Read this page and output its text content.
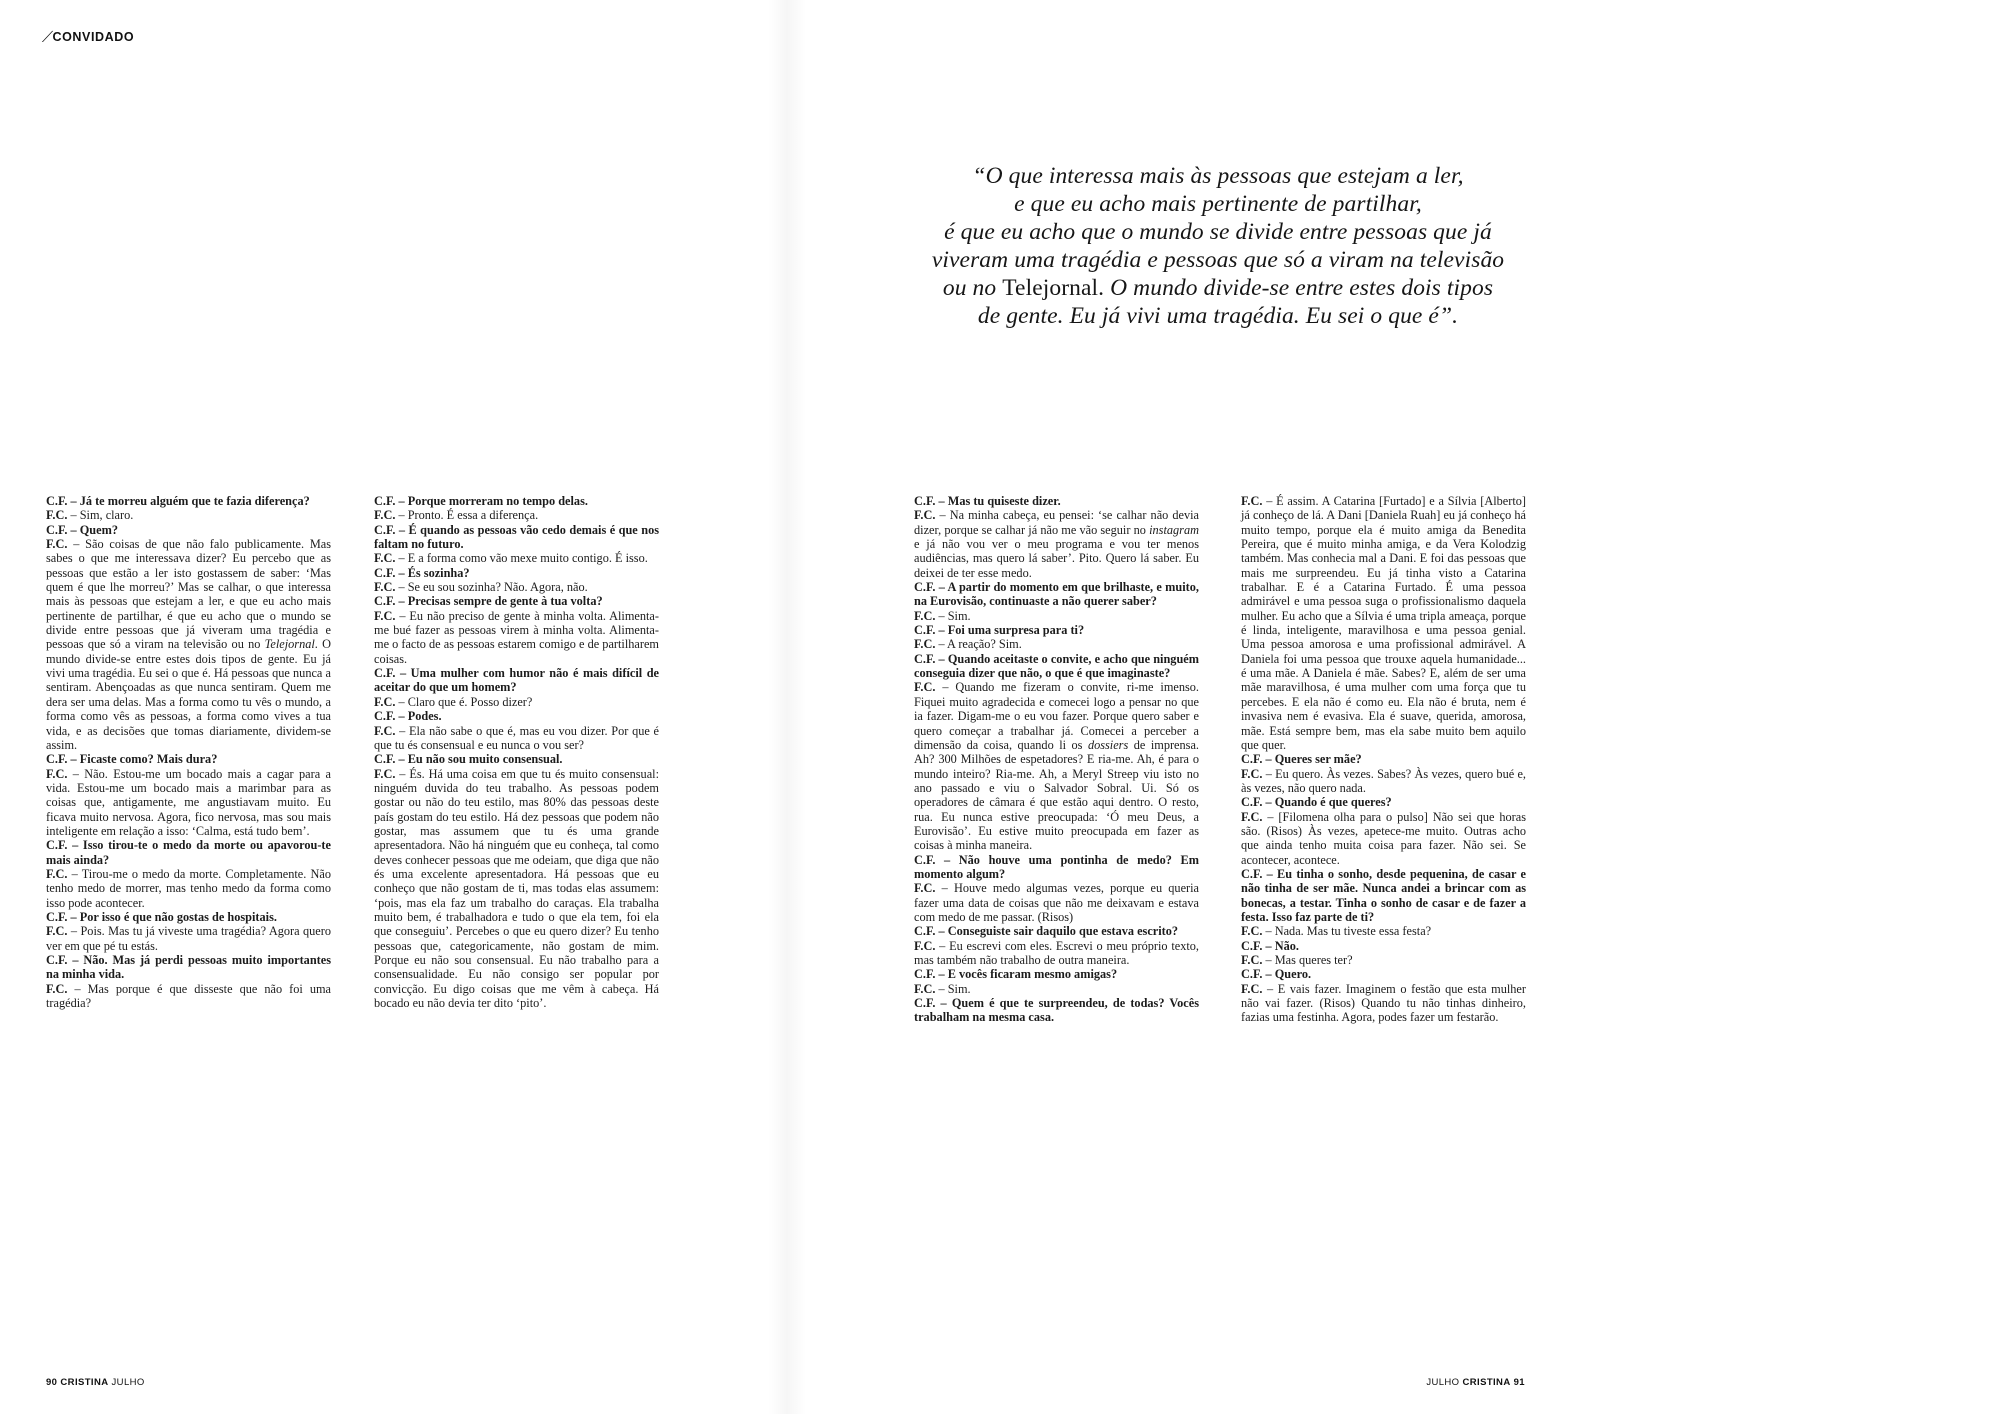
⁄ CONVIDADO
“O que interessa mais às pessoas que estejam a ler,
e que eu acho mais pertinente de partilhar,
é que eu acho que o mundo se divide entre pessoas que já
viveram uma tragédia e pessoas que só a viram na televisão
ou no Telejornal. O mundo divide-se entre estes dois tipos
de gente. Eu já vivi uma tragédia. Eu sei o que é”.

C.F. – Já te morreu alguém que te fazia diferença?

F.C. – Sim, claro.

C.F. – Quem?

F.C. – São coisas de que não falo publicamente. Mas sabes o que me interessava dizer? Eu percebo que as pessoas que estão a ler isto gostassem de saber: ‘Mas quem é que lhe morreu?’ Mas se calhar, o que interessa mais às pessoas que estejam a ler, e que eu acho mais pertinente de partilhar, é que eu acho que o mundo se divide entre pessoas que já viveram uma tragédia e pessoas que só a viram na televisão ou no Telejornal. O mundo divide-se entre estes dois tipos de gente. Eu já vivi uma tragédia. Eu sei o que é. Há pessoas que nunca a sentiram. Abençoadas as que nunca sentiram. Quem me dera ser uma delas. Mas a forma como tu vês o mundo, a forma como vês as pessoas, a forma como vives a tua vida, e as decisões que tomas diariamente, dividem-se assim.

C.F. – Ficaste como? Mais dura?

F.C. – Não. Estou-me um bocado mais a cagar para a vida. Estou-me um bocado mais a marimbar para as coisas que, antigamente, me angustiavam muito. Eu ficava muito nervosa. Agora, fico nervosa, mas sou mais inteligente em relação a isso: ‘Calma, está tudo bem’.

C.F. – Isso tirou-te o medo da morte ou apavorou-te mais ainda?

F.C. – Tirou-me o medo da morte. Completamente. Não tenho medo de morrer, mas tenho medo da forma como isso pode acontecer.

C.F. – Por isso é que não gostas de hospitais.

F.C. – Pois. Mas tu já viveste uma tragédia? Agora quero ver em que pé tu estás.

C.F. – Não. Mas já perdi pessoas muito importantes na minha vida.

F.C. – Mas porque é que disseste que não foi uma tragédia?

C.F. – Porque morreram no tempo delas.

F.C. – Pronto. É essa a diferença.

C.F. – É quando as pessoas vão cedo demais é que nos faltam no futuro.

F.C. – E a forma como vão mexe muito contigo. É isso.

C.F. – És sozinha?

F.C. – Se eu sou sozinha? Não. Agora, não.

C.F. – Precisas sempre de gente à tua volta?

F.C. – Eu não preciso de gente à minha volta. Alimenta-me bué fazer as pessoas virem à minha volta. Alimenta-me o facto de as pessoas estarem comigo e de partilharem coisas.

C.F. – Uma mulher com humor não é mais difícil de aceitar do que um homem?

F.C. – Claro que é. Posso dizer?

C.F. – Podes.

F.C. – Ela não sabe o que é, mas eu vou dizer. Por que é que tu és consensual e eu nunca o vou ser?

C.F. – Eu não sou muito consensual.

F.C. – És. Há uma coisa em que tu és muito consensual: ninguém duvida do teu trabalho. As pessoas podem gostar ou não do teu estilo, mas 80% das pessoas deste país gostam do teu estilo. Há dez pessoas que podem não gostar, mas assumem que tu és uma grande apresentadora. Não há ninguém que eu conheça, tal como deves conhecer pessoas que me odeiam, que diga que não és uma excelente apresentadora. Há pessoas que eu conheço que não gostam de ti, mas todas elas assumem: ‘pois, mas ela faz um trabalho do caraças. Ela trabalha muito bem, é trabalhadora e tudo o que ela tem, foi ela que conseguiu’. Percebes o que eu quero dizer? Eu tenho pessoas que, categoricamente, não gostam de mim. Porque eu não sou consensual. Eu não trabalho para a consensualidade. Eu não consigo ser popular por convicção. Eu digo coisas que me vêm à cabeça. Há bocado eu não devia ter dito ‘pito’.

C.F. – Mas tu quiseste dizer.

F.C. – Na minha cabeça, eu pensei: ‘se calhar não devia dizer, porque se calhar já não me vão seguir no instagram e já não vou ver o meu programa e vou ter menos audiências, mas quero lá saber’. Pito. Quero lá saber. Eu deixei de ter esse medo.

C.F. – A partir do momento em que brilhaste, e muito, na Eurovisão, continuaste a não querer saber?

F.C. – Sim.

C.F. – Foi uma surpresa para ti?

F.C. – A reação? Sim.

C.F. – Quando aceitaste o convite, e acho que ninguém conseguia dizer que não, o que é que imaginaste?

F.C. – Quando me fizeram o convite, ri-me imenso. Fiquei muito agradecida e comecei logo a pensar no que ia fazer. Digam-me o eu vou fazer. Porque quero saber e quero começar a trabalhar já. Comecei a perceber a dimensão da coisa, quando li os dossiers de imprensa. Ah? 300 Milhões de espetadores? E ria-me. Ah, é para o mundo inteiro? Ria-me. Ah, a Meryl Streep viu isto no ano passado e viu o Salvador Sobral. Ui. Só os operadores de câmara é que estão aqui dentro. O resto, rua. Eu nunca estive preocupada: ‘Ó meu Deus, a Eurovisão’. Eu estive muito preocupada em fazer as coisas à minha maneira.

C.F. – Não houve uma pontinha de medo? Em momento algum?

F.C. – Houve medo algumas vezes, porque eu queria fazer uma data de coisas que não me deixavam e estava com medo de me passar. (Risos)

C.F. – Conseguiste sair daquilo que estava escrito?

F.C. – Eu escrevi com eles. Escrevi o meu próprio texto, mas também não trabalho de outra maneira.

C.F. – E vocês ficaram mesmo amigas?

F.C. – Sim.

C.F. – Quem é que te surpreendeu, de todas? Vocês trabalham na mesma casa.

F.C. – É assim. A Catarina [Furtado] e a Sílvia [Alberto] já conheço de lá. A Dani [Daniela Ruah] eu já conheço há muito tempo, porque ela é muito amiga da Benedita Pereira, que é muito minha amiga, e da Vera Kolodzig também. Mas conhecia mal a Dani. E foi das pessoas que mais me surpreendeu. Eu já tinha visto a Catarina trabalhar. E é a Catarina Furtado. É uma pessoa admirável e uma pessoa suga o profissionalismo daquela mulher. Eu acho que a Sílvia é uma tripla ameaça, porque é linda, inteligente, maravilhosa e uma pessoa genial. Uma pessoa amorosa e uma profissional admirável. A Daniela foi uma pessoa que trouxe aquela humanidade... é uma mãe. A Daniela é mãe. Sabes? E, além de ser uma mãe maravilhosa, é uma mulher com uma força que tu percebes. E ela não é como eu. Ela não é bruta, nem é invasiva nem é evasiva. Ela é suave, querida, amorosa, mãe. Está sempre bem, mas ela sabe muito bem aquilo que quer.

C.F. – Queres ser mãe?

F.C. – Eu quero. Às vezes. Sabes? Às vezes, quero bué e, às vezes, não quero nada.

C.F. – Quando é que queres?

F.C. – [Filomena olha para o pulso] Não sei que horas são. (Risos) Às vezes, apetece-me muito. Outras acho que ainda tenho muita coisa para fazer. Não sei. Se acontecer, acontece.

C.F. – Eu tinha o sonho, desde pequenina, de casar e não tinha de ser mãe. Nunca andei a brincar com as bonecas, a testar. Tinha o sonho de casar e de fazer a festa. Isso faz parte de ti?

F.C. – Nada. Mas tu tiveste essa festa?

C.F. – Não.

F.C. – Mas queres ter?

C.F. – Quero.

F.C. – E vais fazer. Imaginem o festão que esta mulher não vai fazer. (Risos) Quando tu não tinhas dinheiro, fazias uma festinha. Agora, podes fazer um festarão.

90 CRISTINA JULHO	JULHO CRISTINA 91
